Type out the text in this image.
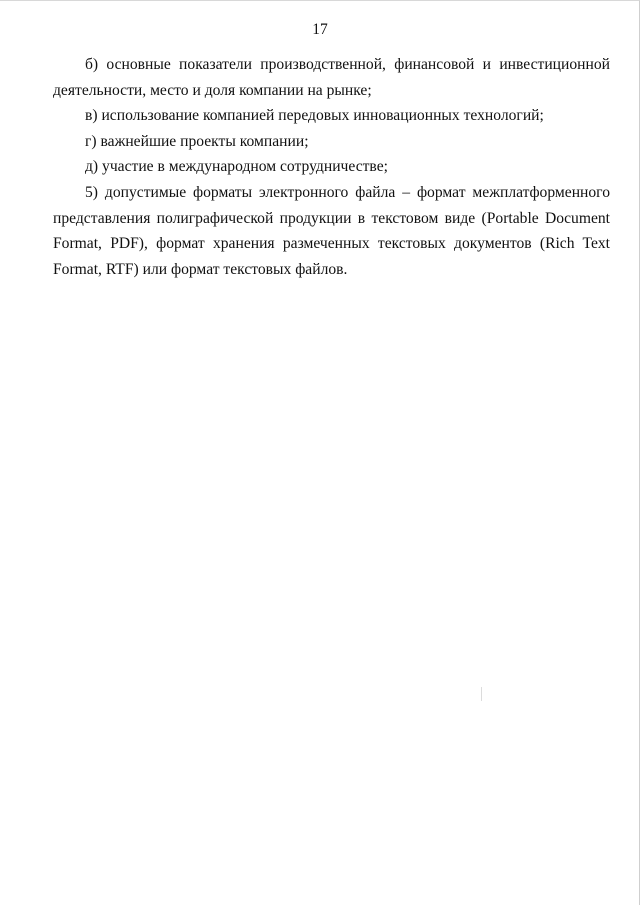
17

б) основные показатели производственной, финансовой и инвестиционной деятельности, место и доля компании на рынке;

в) использование компанией передовых инновационных технологий;

г) важнейшие проекты компании;

д) участие в международном сотрудничестве;

5) допустимые форматы электронного файла – формат межплатформенного представления полиграфической продукции в текстовом виде (Portable Document Format, PDF), формат хранения размеченных текстовых документов (Rich Text Format, RTF) или формат текстовых файлов.
